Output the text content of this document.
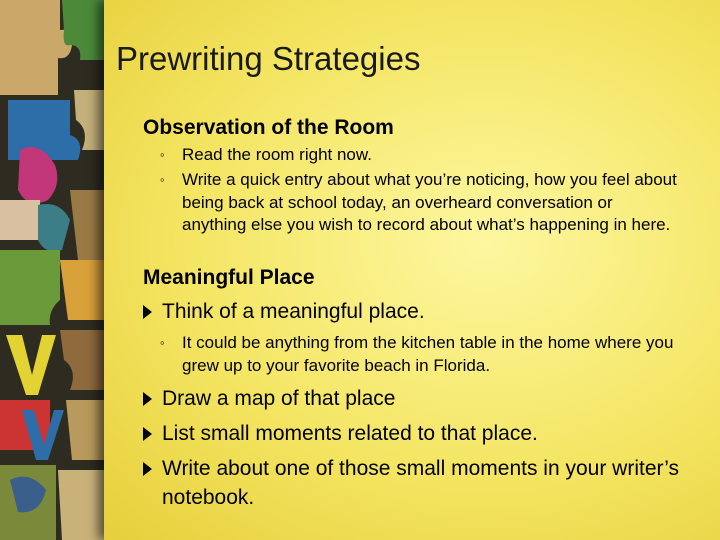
Prewriting Strategies
Observation of the Room
◦ Read the room right now.
◦ Write a quick entry about what you’re noticing, how you feel about being back at school today, an overheard conversation or anything else you wish to record about what’s happening in here.
Meaningful Place
Think of a meaningful place.
◦ It could be anything from the kitchen table in the home where you grew up to your favorite beach in Florida.
Draw a map of that place
List small moments related to that place.
Write about one of those small moments in your writer’s notebook.
